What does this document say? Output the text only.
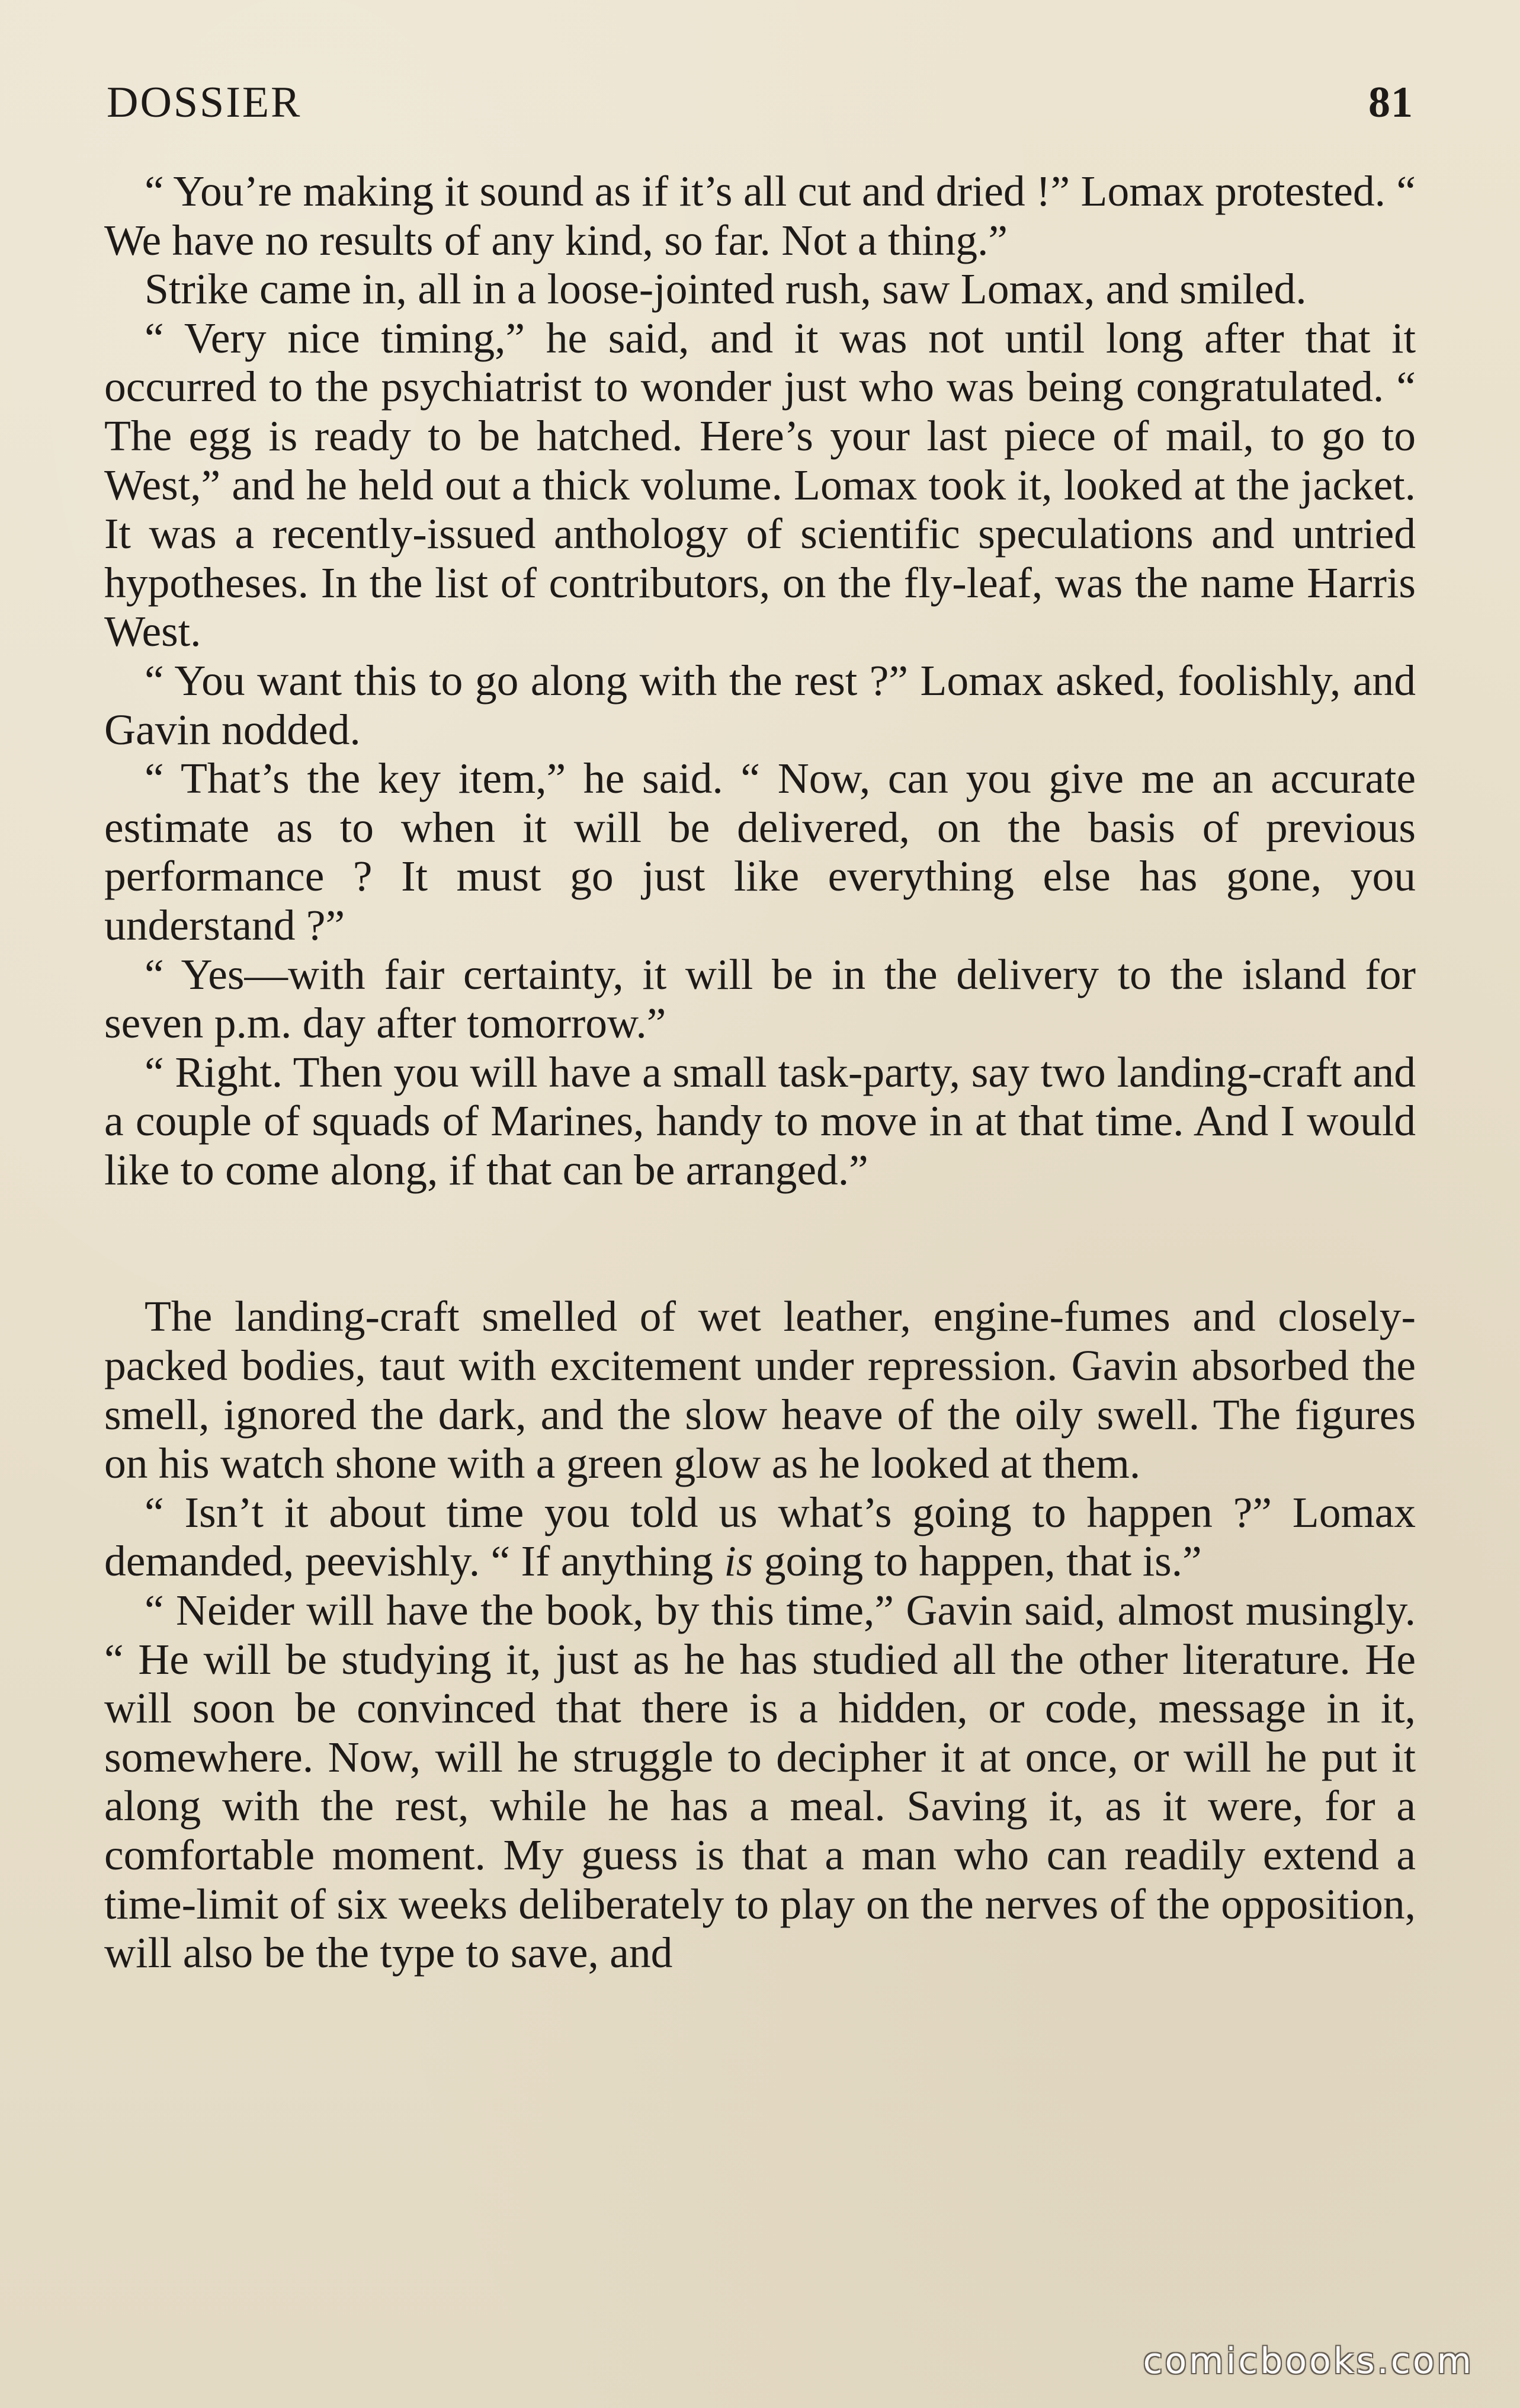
DOSSIER	81

“ You’re making it sound as if it’s all cut and dried !” Lomax protested. “ We have no results of any kind, so far. Not a thing.”

Strike came in, all in a loose-jointed rush, saw Lomax, and smiled.

“ Very nice timing,” he said, and it was not until long after that it occurred to the psychiatrist to wonder just who was being congratulated. “ The egg is ready to be hatched. Here’s your last piece of mail, to go to West,” and he held out a thick volume. Lomax took it, looked at the jacket. It was a recently-issued anthology of scientific speculations and untried hypotheses. In the list of contributors, on the fly-leaf, was the name Harris West.

“ You want this to go along with the rest ?” Lomax asked, foolishly, and Gavin nodded.

“ That’s the key item,” he said. “ Now, can you give me an accurate estimate as to when it will be delivered, on the basis of previous performance ? It must go just like everything else has gone, you understand ?”

“ Yes—with fair certainty, it will be in the delivery to the island for seven p.m. day after tomorrow.”

“ Right. Then you will have a small task-party, say two landing-craft and a couple of squads of Marines, handy to move in at that time. And I would like to come along, if that can be arranged.”

The landing-craft smelled of wet leather, engine-fumes and closely-packed bodies, taut with excitement under repression. Gavin absorbed the smell, ignored the dark, and the slow heave of the oily swell. The figures on his watch shone with a green glow as he looked at them.

“ Isn’t it about time you told us what’s going to happen ?” Lomax demanded, peevishly. “ If anything is going to happen, that is.”

“ Neider will have the book, by this time,” Gavin said, almost musingly. “ He will be studying it, just as he has studied all the other literature. He will soon be convinced that there is a hidden, or code, message in it, somewhere. Now, will he struggle to decipher it at once, or will he put it along with the rest, while he has a meal. Saving it, as it were, for a comfortable moment. My guess is that a man who can readily extend a time-limit of six weeks deliberately to play on the nerves of the opposition, will also be the type to save, and

comicbooks.com
